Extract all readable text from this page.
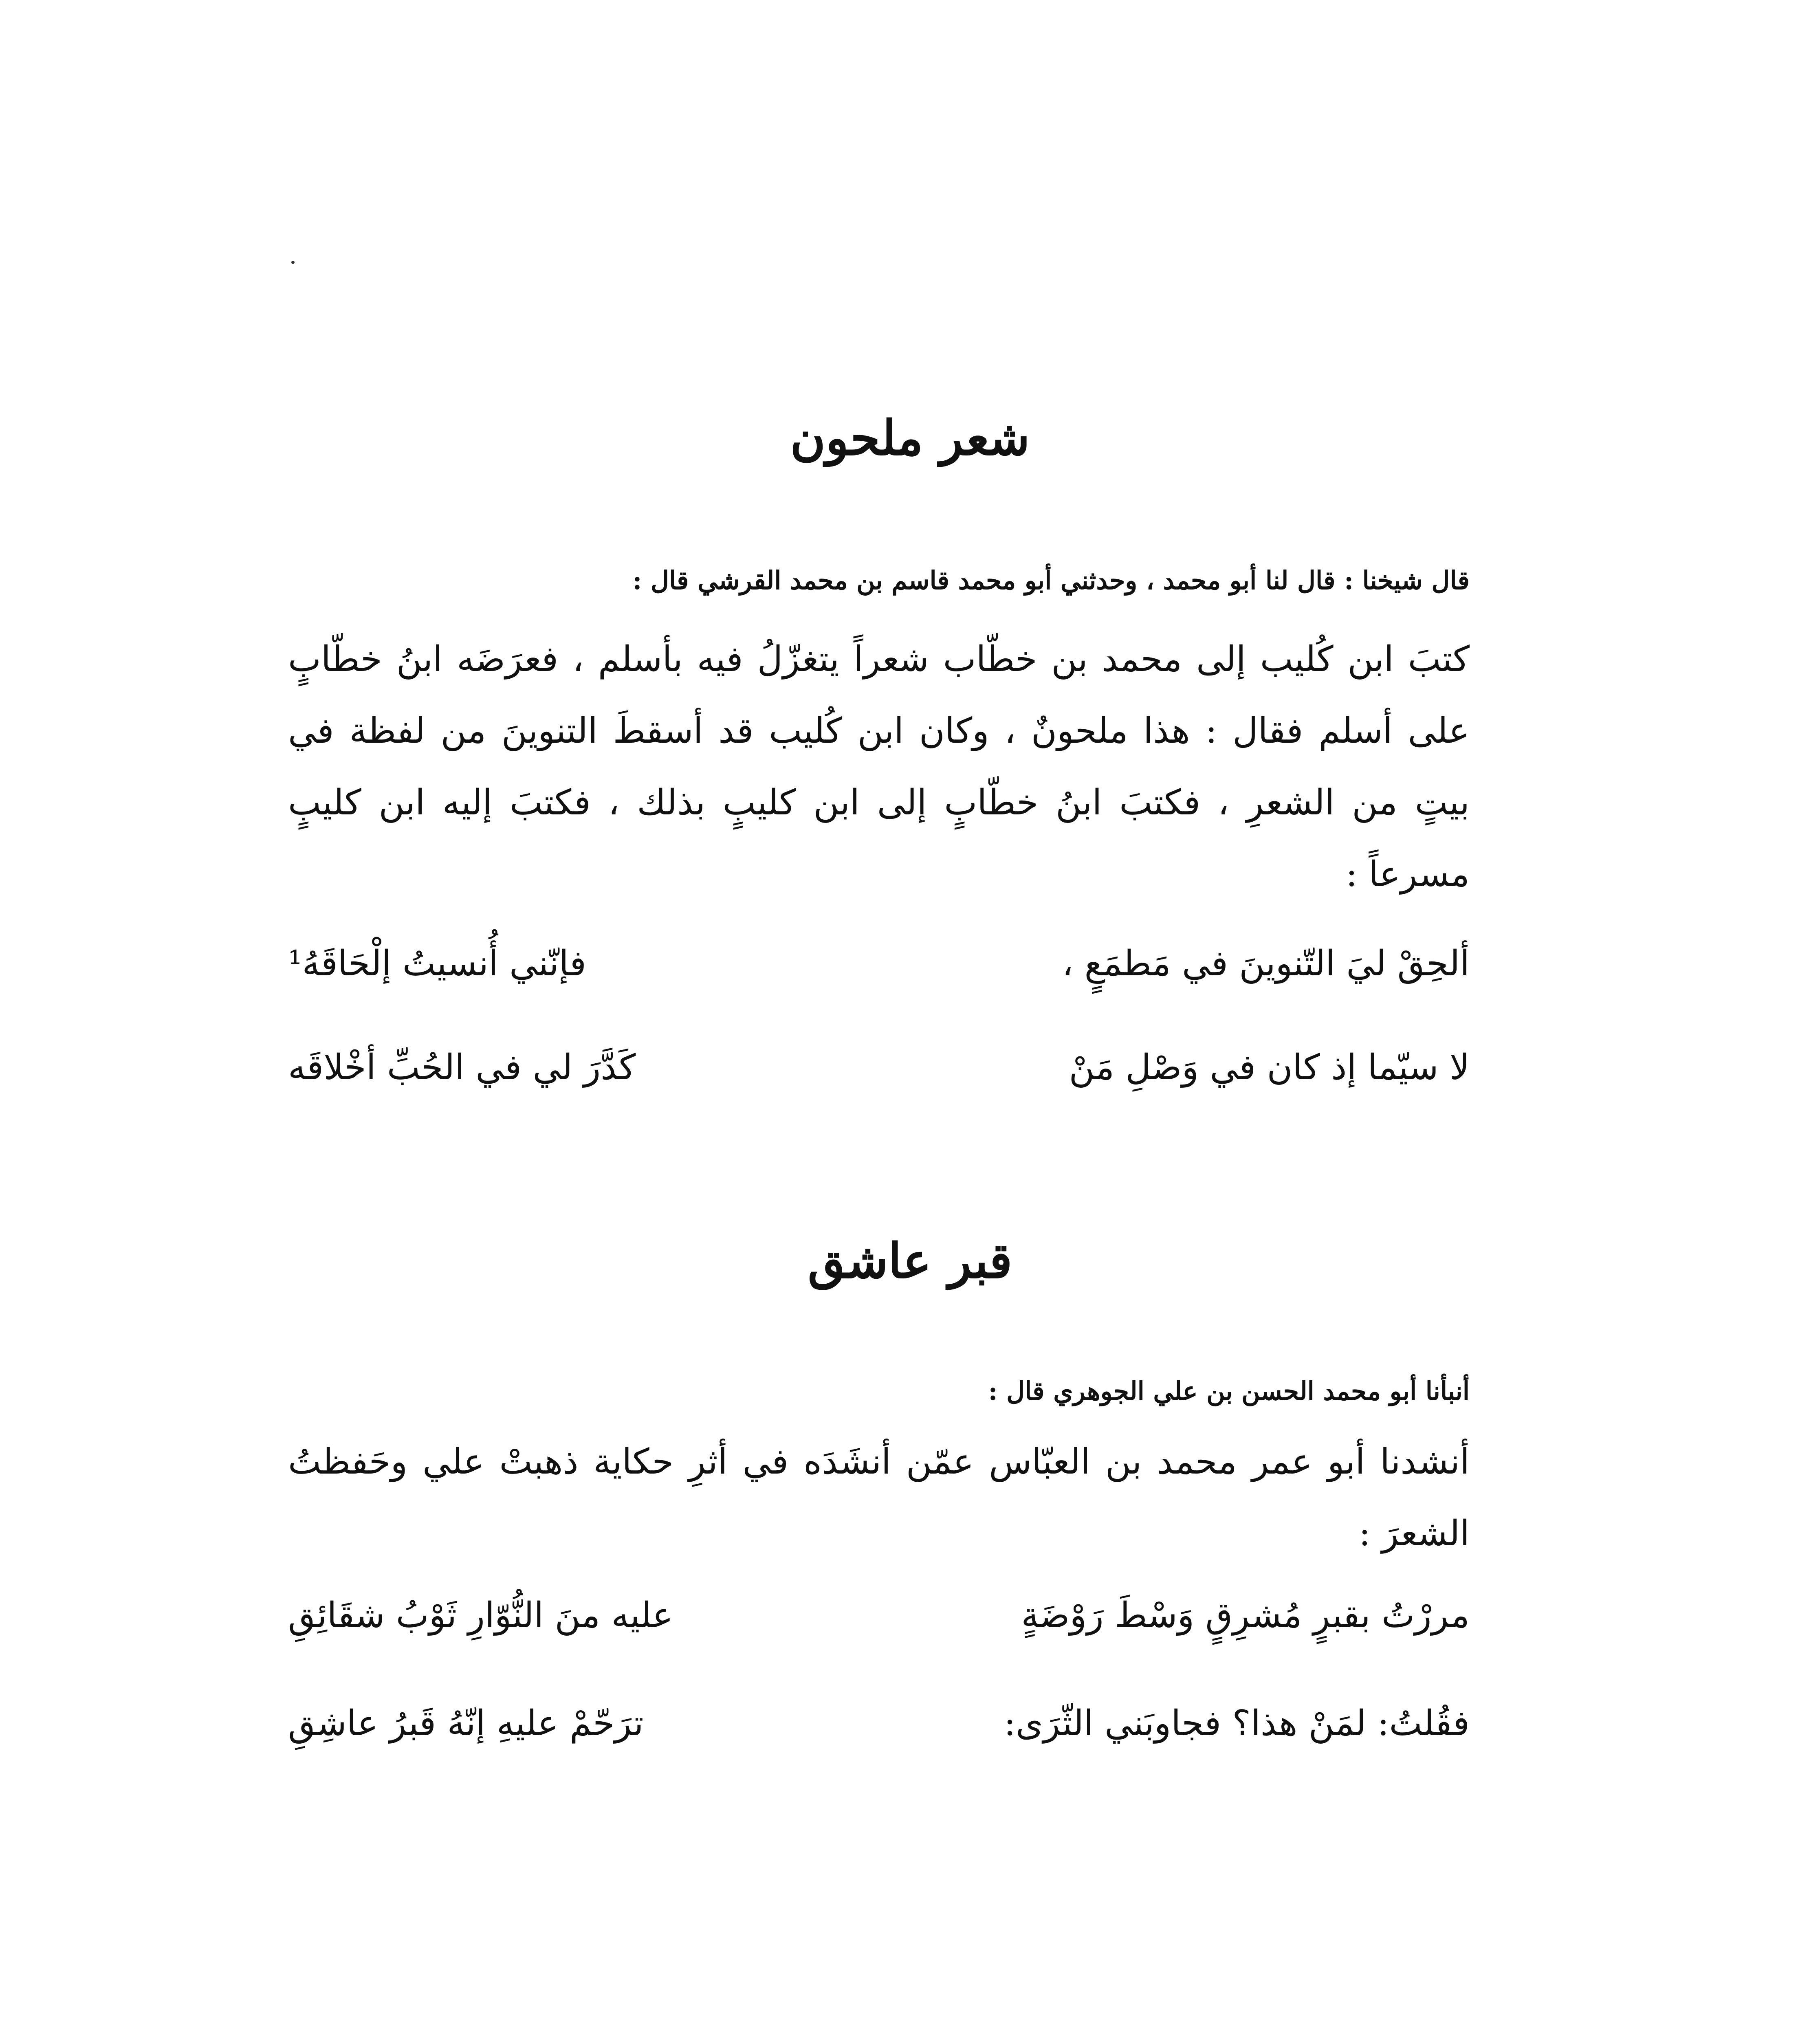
شعر ملحون
قال شيخنا : قال لنا أبو محمد ، وحدثني أبو محمد قاسم بن محمد القرشي قال :
كتبَ ابن كُليب إلى محمد بن خطّاب شعراً يتغزّلُ فيه بأسلم ، فعرَضَه ابنُ خطّابٍ على أسلم فقال : هذا ملحونٌ ، وكان ابن كُليب قد أسقطَ التنوينَ من لفظة في بيتٍ من الشعرِ ، فكتبَ ابنُ خطّابٍ إلى ابن كليبٍ بذلك ، فكتبَ إليه ابن كليبٍ مسرعاً :
ألحِقْ ليَ التّنوينَ في مَطمَعٍ ،
فإنّني أُنسيتُ إلْحَاقَهُ¹
لا سيّما إذ كان في وَصْلِ مَنْ
كَدَّرَ لي في الحُبِّ أخْلاقَه
قبر عاشق
أنبأنا أبو محمد الحسن بن علي الجوهري قال :
أنشدنا أبو عمر محمد بن العبّاس عمّن أنشَدَه في أثرِ حكاية ذهبتْ علي وحَفظتُ الشعرَ :
مررْتُ بقبرٍ مُشرِقٍ وَسْطَ رَوْضَةٍ
عليه منَ النُّوّارِ ثَوْبُ شقَائِقِ
فقُلتُ: لمَنْ هذا؟ فجاوبَني الثّرَى:
ترَحّمْ عليهِ إنّهُ قَبرُ عاشِقِ
